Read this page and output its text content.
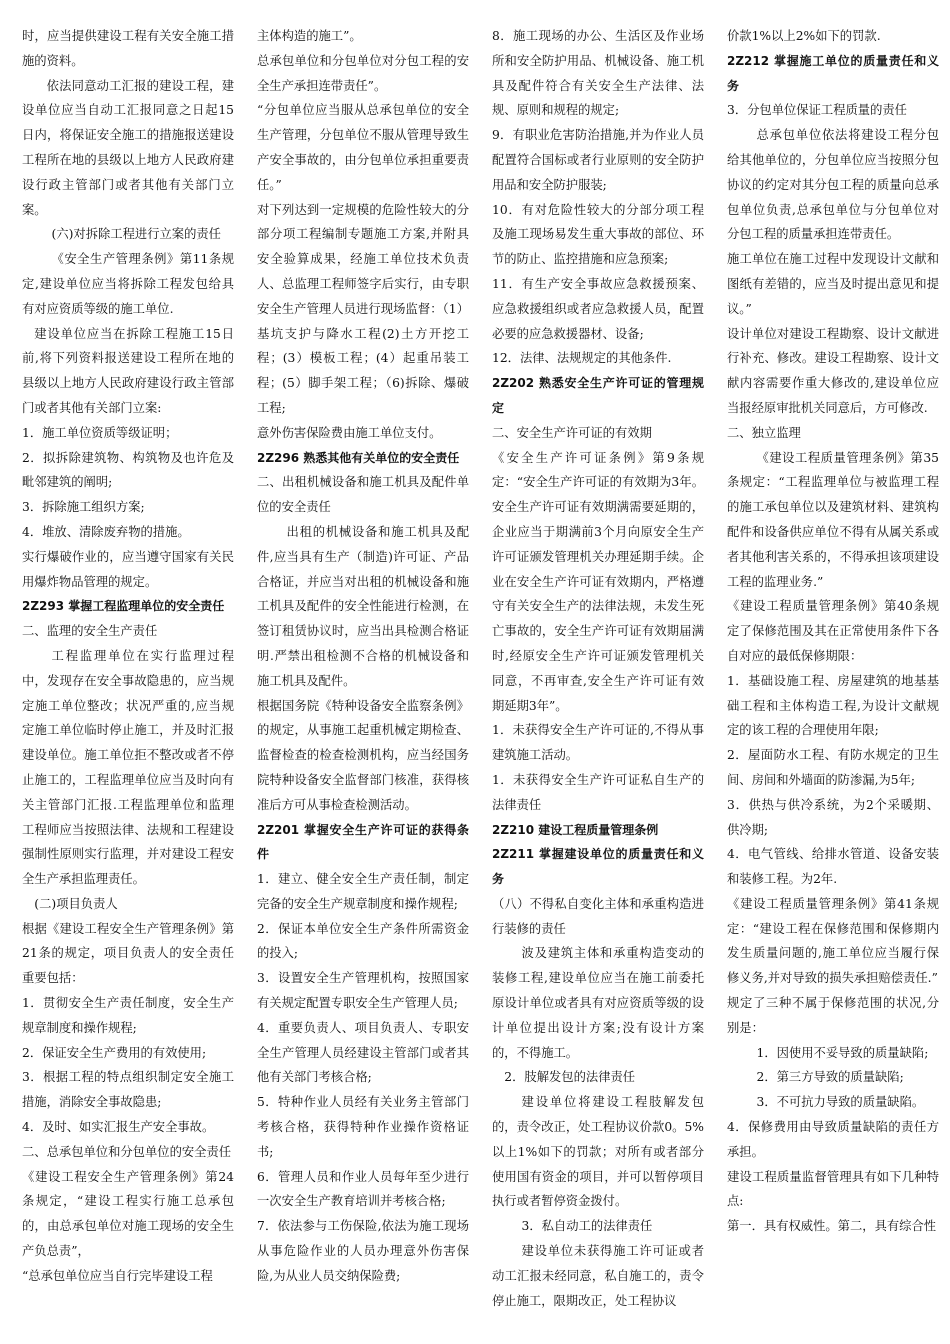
时，应当提供建设工程有关安全施工措施的资料。

依法同意动工汇报的建设工程，建设单位应当自动工汇报同意之日起15日内，将保证安全施工的措施报送建设工程所在地的县级以上地方人民政府建设行政主管部门或者其他有关部门立案。

(六)对拆除工程进行立案的责任

《安全生产管理条例》第11条规定,建设单位应当将拆除工程发包给具有对应资质等级的施工单位.

建设单位应当在拆除工程施工15日前,将下列资料报送建设工程所在地的县级以上地方人民政府建设行政主管部门或者其他有关部门立案:

1．施工单位资质等级证明；

2．拟拆除建筑物、构筑物及也许危及毗邻建筑的阐明;

3．拆除施工组织方案;

4．堆放、清除废弃物的措施。

实行爆破作业的，应当遵守国家有关民用爆炸物品管理的规定。

2Z293 掌握工程监理单位的安全责任

二、监理的安全生产责任

工程监理单位在实行监理过程中，发现存在安全事故隐患的，应当规定施工单位整改；状况严重的,应当规定施工单位临时停止施工，并及时汇报建设单位。施工单位拒不整改或者不停止施工的，工程监理单位应当及时向有关主管部门汇报.工程监理单位和监理工程师应当按照法律、法规和工程建设强制性原则实行监理，并对建设工程安全生产承担监理责任。

(二)项目负责人

根据《建设工程安全生产管理条例》第21条的规定，项目负责人的安全责任重要包括：

1．贯彻安全生产责任制度，安全生产规章制度和操作规程;

2．保证安全生产费用的有效使用;

3．根据工程的特点组织制定安全施工措施，消除安全事故隐患;

4．及时、如实汇报生产安全事故。

二、总承包单位和分包单位的安全责任

《建设工程安全生产管理条例》第24条规定，“建设工程实行施工总承包的，由总承包单位对施工现场的安全生产负总责”，

“总承包单位应当自行完毕建设工程

主体构造的施工”。

总承包单位和分包单位对分包工程的安全生产承担连带责任”。

“分包单位应当服从总承包单位的安全生产管理，分包单位不服从管理导致生产安全事故的，由分包单位承担重要责任。”

对下列达到一定规模的危险性较大的分部分项工程编制专题施工方案,并附具安全验算成果，经施工单位技术负责人、总监理工程师签字后实行，由专职安全生产管理人员进行现场监督：（1）基坑支护与降水工程(2)土方开挖工程；(3）模板工程；(4）起重吊装工程；(5）脚手架工程；（6)拆除、爆破工程;

意外伤害保险费由施工单位支付。

2Z296 熟悉其他有关单位的安全责任

二、出租机械设备和施工机具及配件单位的安全责任

出租的机械设备和施工机具及配件,应当具有生产（制造)许可证、产品合格证，并应当对出租的机械设备和施工机具及配件的安全性能进行检测，在签订租赁协议时，应当出具检测合格证明.严禁出租检测不合格的机械设备和施工机具及配件。

根据国务院《特种设备安全监察条例》的规定，从事施工起重机械定期检查、监督检查的检查检测机构，应当经国务院特种设备安全监督部门核准，获得核准后方可从事检查检测活动。

2Z201 掌握安全生产许可证的获得条件

1．建立、健全安全生产责任制，制定完备的安全生产规章制度和操作规程;

2．保证本单位安全生产条件所需资金的投入;

3．设置安全生产管理机构，按照国家有关规定配置专职安全生产管理人员;

4．重要负责人、项目负责人、专职安全生产管理人员经建设主管部门或者其他有关部门考核合格;

5．特种作业人员经有关业务主管部门考核合格，获得特种作业操作资格证书;

6．管理人员和作业人员每年至少进行一次安全生产教育培训并考核合格;

7．依法参与工伤保险,依法为施工现场从事危险作业的人员办理意外伤害保险,为从业人员交纳保险费;

8．施工现场的办公、生活区及作业场所和安全防护用品、机械设备、施工机具及配件符合有关安全生产法律、法规、原则和规程的规定;

9．有职业危害防治措施,并为作业人员配置符合国标或者行业原则的安全防护用品和安全防护服装;

10．有对危险性较大的分部分项工程及施工现场易发生重大事故的部位、环节的防止、监控措施和应急预案;

11．有生产安全事故应急救援预案、应急救援组织或者应急救援人员，配置必要的应急救援器材、设备;

12．法律、法规规定的其他条件.

2Z202 熟悉安全生产许可证的管理规定

二、安全生产许可证的有效期

《安全生产许可证条例》第9条规定：“安全生产许可证的有效期为3年。安全生产许可证有效期满需要延期的，企业应当于期满前3个月向原安全生产许可证颁发管理机关办理延期手续。企业在安全生产许可证有效期内，严格遵守有关安全生产的法律法规，未发生死亡事故的，安全生产许可证有效期届满时,经原安全生产许可证颁发管理机关同意，不再审查,安全生产许可证有效期延期3年”。

1．未获得安全生产许可证的,不得从事建筑施工活动。

1．未获得安全生产许可证私自生产的法律责任

2Z210 建设工程质量管理条例

2Z211 掌握建设单位的质量责任和义务

（八）不得私自变化主体和承重构造进行装修的责任

波及建筑主体和承重构造变动的装修工程,建设单位应当在施工前委托原设计单位或者具有对应资质等级的设计单位提出设计方案;没有设计方案的，不得施工。

2．肢解发包的法律责任

建设单位将建设工程肢解发包的，责令改正，处工程协议价款0。5%以上1%如下的罚款；对所有或者部分使用国有资金的项目，并可以暂停项目执行或者暂停资金拨付。

3．私自动工的法律责任

建设单位未获得施工许可证或者动工汇报未经同意，私自施工的，责令停止施工，限期改正，处工程协议

价款1%以上2%如下的罚款.

2Z212 掌握施工单位的质量责任和义务

3．分包单位保证工程质量的责任

总承包单位依法将建设工程分包给其他单位的，分包单位应当按照分包协议的约定对其分包工程的质量向总承包单位负责,总承包单位与分包单位对分包工程的质量承担连带责任。

施工单位在施工过程中发现设计文献和图纸有差错的，应当及时提出意见和提议。”

设计单位对建设工程勘察、设计文献进行补充、修改。建设工程勘察、设计文献内容需要作重大修改的,建设单位应当报经原审批机关同意后，方可修改.

二、独立监理

《建设工程质量管理条例》第35条规定：“工程监理单位与被监理工程的施工承包单位以及建筑材料、建筑构配件和设备供应单位不得有从属关系或者其他利害关系的，不得承担该项建设工程的监理业务.”

《建设工程质量管理条例》第40条规定了保修范围及其在正常使用条件下各自对应的最低保修期限：

1．基础设施工程、房屋建筑的地基基础工程和主体构造工程,为设计文献规定的该工程的合理使用年限;

2．屋面防水工程、有防水规定的卫生间、房间和外墙面的防渗漏,为5年;

3．供热与供冷系统，为2个采暖期、供冷期;

4．电气管线、给排水管道、设备安装和装修工程。为2年.

《建设工程质量管理条例》第41条规定：“建设工程在保修范围和保修期内发生质量问题的,施工单位应当履行保修义务,并对导致的损失承担赔偿责任.”

规定了三种不属于保修范围的状况,分别是：

1．因使用不妥导致的质量缺陷;

2．第三方导致的质量缺陷;

3．不可抗力导致的质量缺陷。

4．保修费用由导致质量缺陷的责任方承担。

建设工程质量监督管理具有如下几种特点:

第一．具有权威性。第二，具有综合性
